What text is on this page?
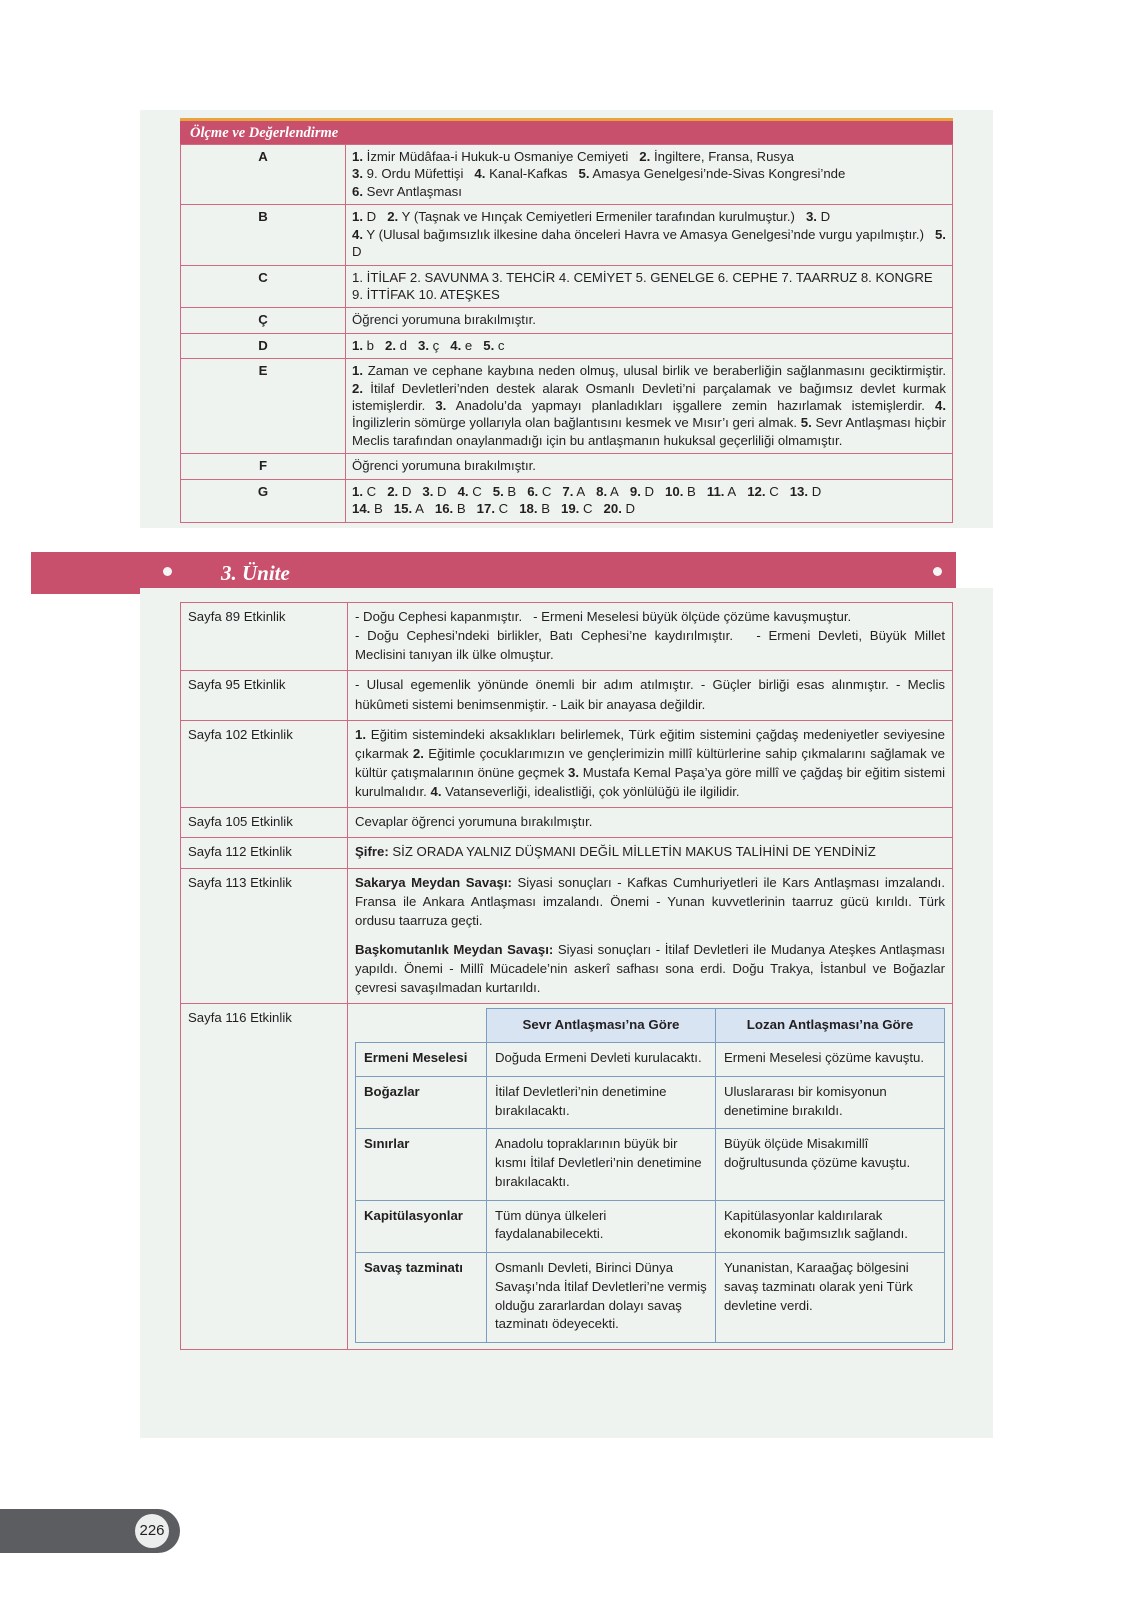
Ölçme ve Değerlendirme
A	1. İzmir Müdâfaa-i Hukuk-u Osmaniye Cemiyeti   2. İngiltere, Fransa, Rusya
3. 9. Ordu Müfettişi   4. Kanal-Kafkas   5. Amasya Genelgesi’nde-Sivas Kongresi’nde
6. Sevr Antlaşması
B	1. D   2. Y (Taşnak ve Hınçak Cemiyetleri Ermeniler tarafından kurulmuştur.)   3. D
4. Y (Ulusal bağımsızlık ilkesine daha önceleri Havra ve Amasya Genelgesi’nde vurgu yapılmıştır.)   5. D
C	1. İTİLAF 2. SAVUNMA 3. TEHCİR 4. CEMİYET 5. GENELGE 6. CEPHE 7. TAARRUZ 8. KONGRE 9. İTTİFAK 10. ATEŞKES
Ç	Öğrenci yorumuna bırakılmıştır.
D	1. b   2. d   3. ç   4. e   5. c
E	1. Zaman ve cephane kaybına neden olmuş, ulusal birlik ve beraberliğin sağlanmasını geciktirmiştir. 2. İtilaf Devletleri’nden destek alarak Osmanlı Devleti’ni parçalamak ve bağımsız devlet kurmak istemişlerdir. 3. Anadolu’da yapmayı planladıkları işgallere zemin hazırlamak istemişlerdir. 4. İngilizlerin sömürge yollarıyla olan bağlantısını kesmek ve Mısır’ı geri almak. 5. Sevr Antlaşması hiçbir Meclis tarafından onaylanmadığı için bu antlaşmanın hukuksal geçerliliği olmamıştır.
F	Öğrenci yorumuna bırakılmıştır.
G	1. C   2. D   3. D   4. C   5. B   6. C   7. A   8. A   9. D   10. B   11. A   12. C   13. D
14. B   15. A   16. B   17. C   18. B   19. C   20. D
3. Ünite
Sayfa 89 Etkinlik	- Doğu Cephesi kapanmıştır.   - Ermeni Meselesi büyük ölçüde çözüme kavuşmuştur.
- Doğu Cephesi’ndeki birlikler, Batı Cephesi’ne kaydırılmıştır.   - Ermeni Devleti, Büyük Millet Meclisini tanıyan ilk ülke olmuştur.
Sayfa 95 Etkinlik	- Ulusal egemenlik yönünde önemli bir adım atılmıştır. - Güçler birliği esas alınmıştır. - Meclis hükûmeti sistemi benimsenmiştir. - Laik bir anayasa değildir.
Sayfa 102 Etkinlik	1. Eğitim sistemindeki aksaklıkları belirlemek, Türk eğitim sistemini çağdaş medeniyetler seviyesine çıkarmak 2. Eğitimle çocuklarımızın ve gençlerimizin millî kültürlerine sahip çıkmalarını sağlamak ve kültür çatışmalarının önüne geçmek 3. Mustafa Kemal Paşa’ya göre millî ve çağdaş bir eğitim sistemi kurulmalıdır. 4. Vatanseverliği, idealistliği, çok yönlülüğü ile ilgilidir.
Sayfa 105 Etkinlik	Cevaplar öğrenci yorumuna bırakılmıştır.
Sayfa 112 Etkinlik	Şifre: SİZ ORADA YALNIZ DÜŞMANI DEĞİL MİLLETİN MAKUS TALİHİNİ DE YENDİNİZ
Sayfa 113 Etkinlik	Sakarya Meydan Savaşı: Siyasi sonuçları - Kafkas Cumhuriyetleri ile Kars Antlaşması imzalandı. Fransa ile Ankara Antlaşması imzalandı. Önemi - Yunan kuvvetlerinin taarruz gücü kırıldı. Türk ordusu taarruza geçti.

Başkomutanlık Meydan Savaşı: Siyasi sonuçları - İtilaf Devletleri ile Mudanya Ateşkes Antlaşması yapıldı. Önemi - Millî Mücadele’nin askerî safhası sona erdi. Doğu Trakya, İstanbul ve Boğazlar çevresi savaşılmadan kurtarıldı.

Sayfa 116 Etkinlik	
		Sevr Antlaşması’na Göre	Lozan Antlaşması’na Göre
Ermeni Meselesi	Doğuda Ermeni Devleti kurulacaktı.	Ermeni Meselesi çözüme kavuştu.
Boğazlar	İtilaf Devletleri’nin denetimine bırakılacaktı.	Uluslararası bir komisyonun denetimine bırakıldı.
Sınırlar	Anadolu topraklarının büyük bir kısmı İtilaf Devletleri’nin denetimine bırakılacaktı.	Büyük ölçüde Misakımillî doğrultusunda çözüme kavuştu.
Kapitülasyonlar	Tüm dünya ülkeleri faydalanabilecekti.	Kapitülasyonlar kaldırılarak ekonomik bağımsızlık sağlandı.
Savaş tazminatı	Osmanlı Devleti, Birinci Dünya Savaşı’nda İtilaf Devletleri’ne vermiş olduğu zararlardan dolayı savaş tazminatı ödeyecekti.	Yunanistan, Karaağaç bölgesini savaş tazminatı olarak yeni Türk devletine verdi.
226
